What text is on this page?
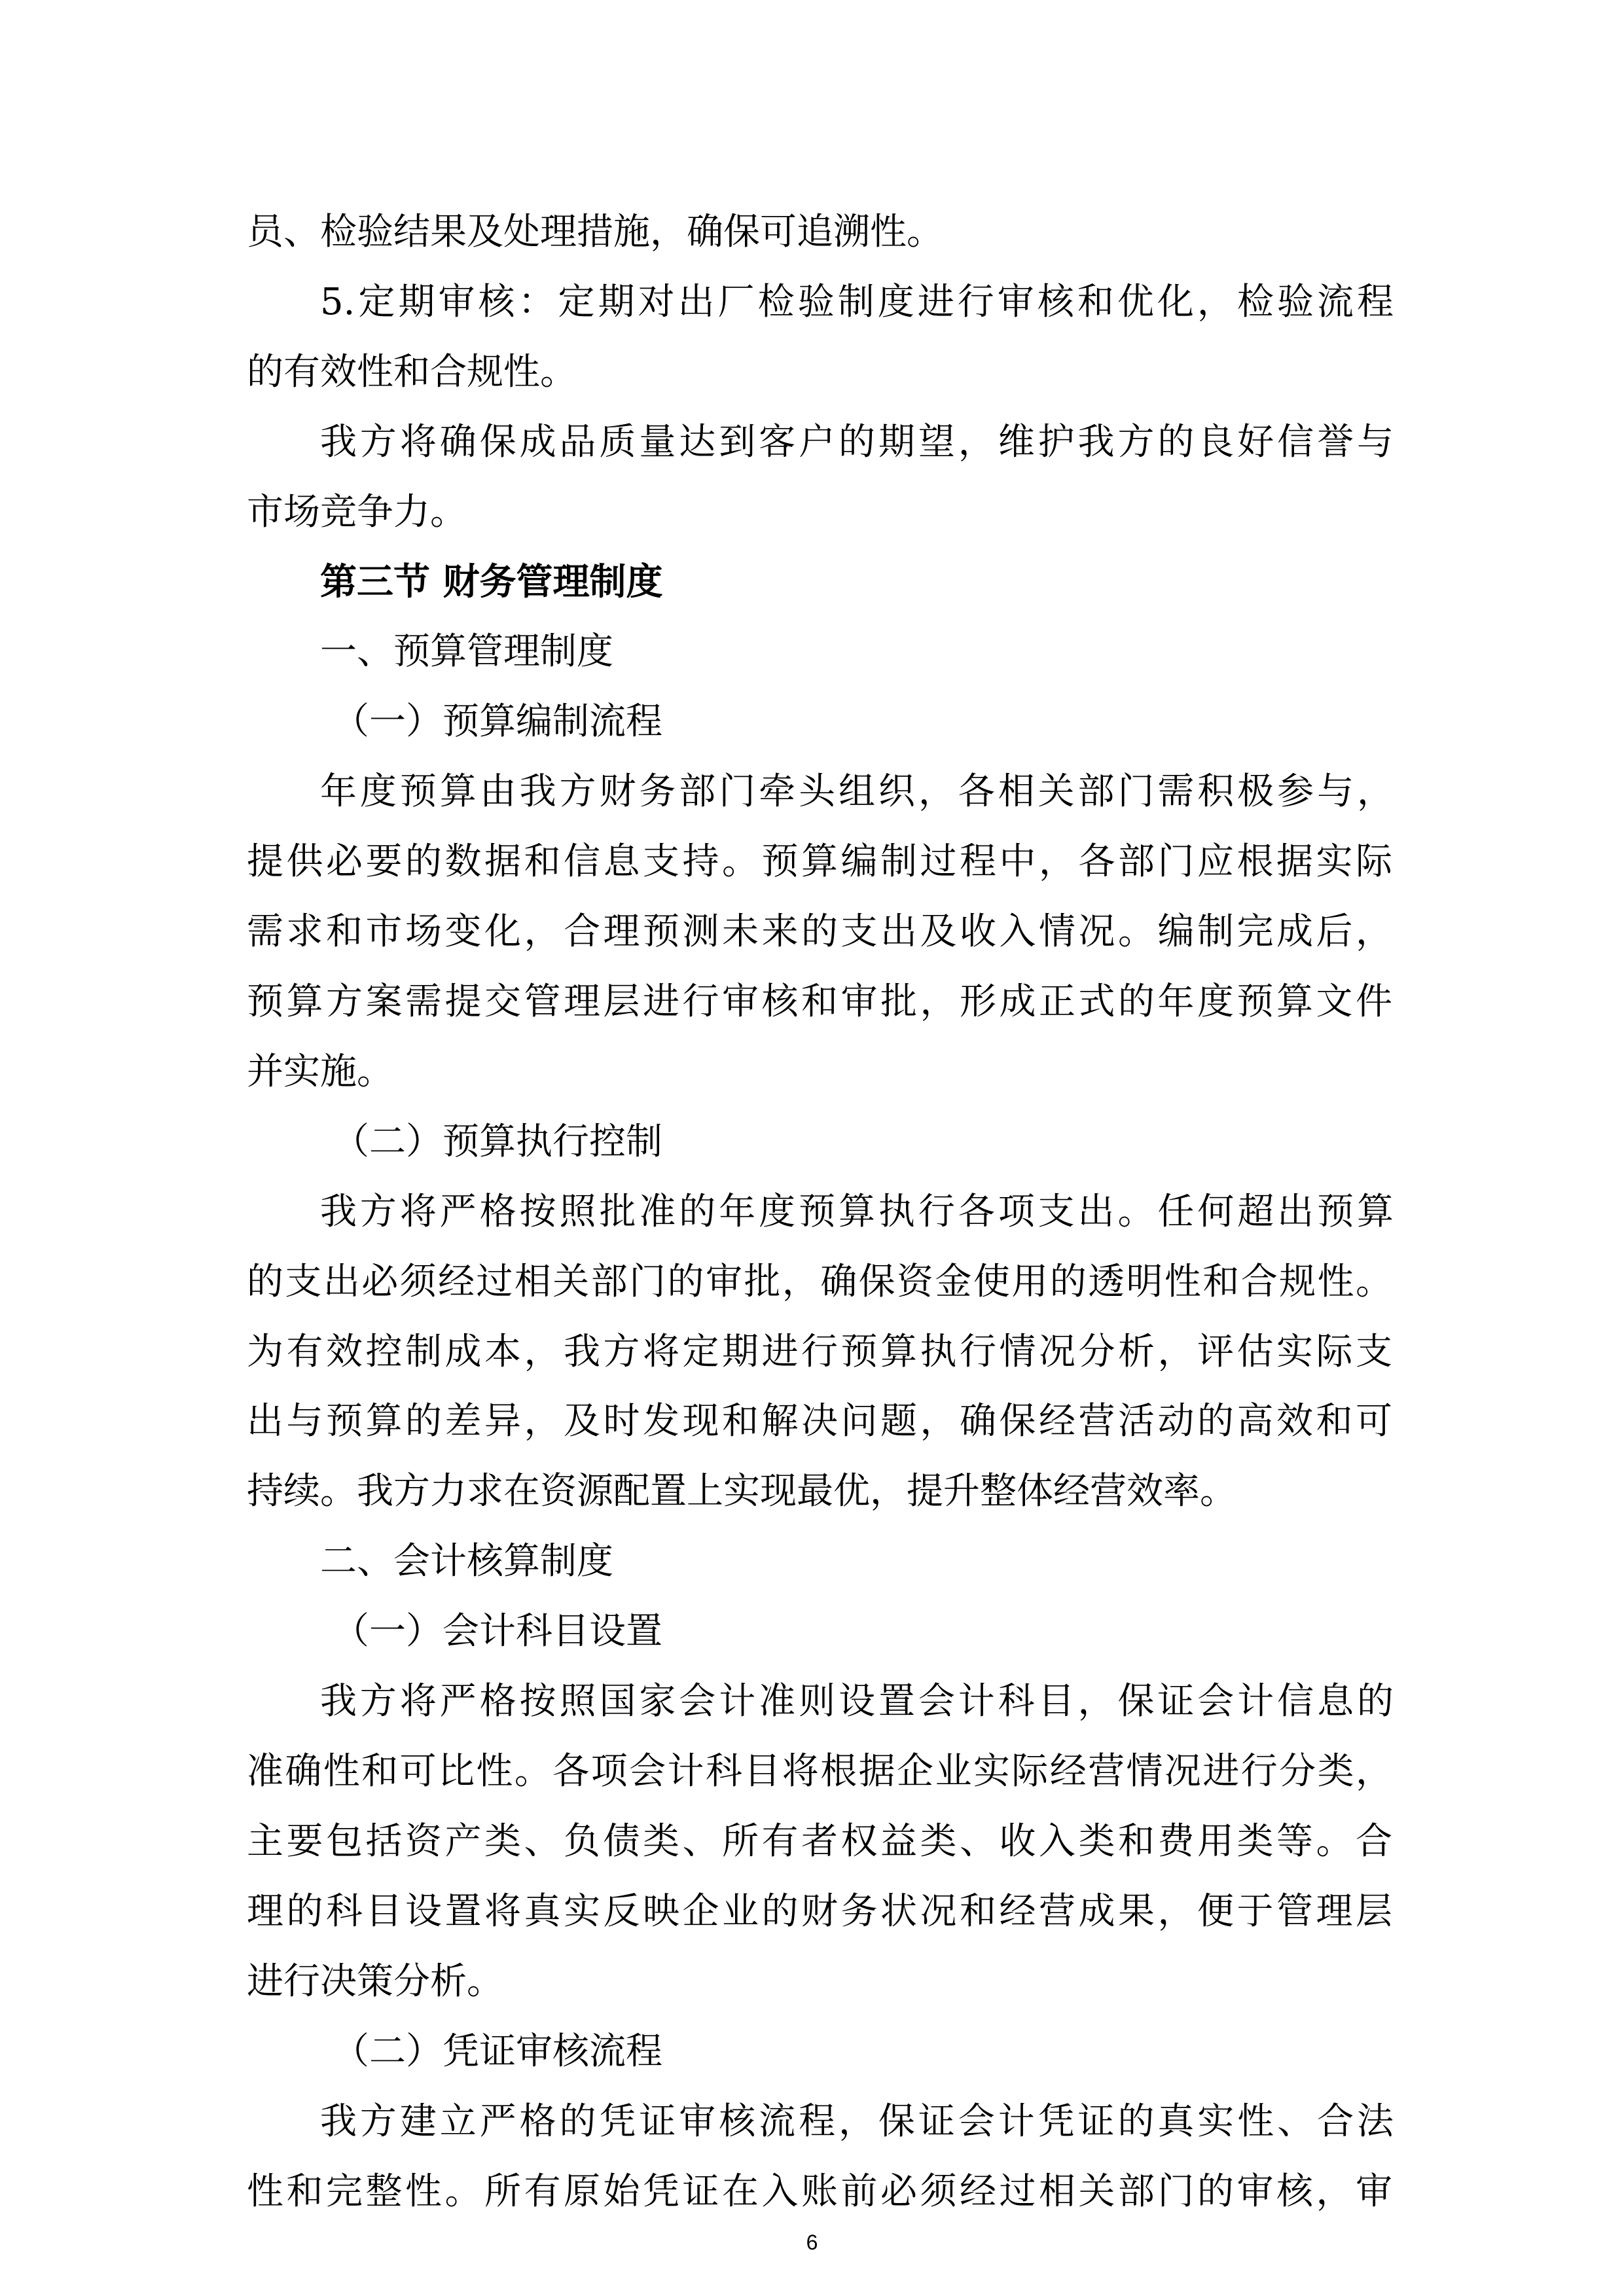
员、检验结果及处理措施，确保可追溯性。
5.定期审核：定期对出厂检验制度进行审核和优化，检验流程
的有效性和合规性。
我方将确保成品质量达到客户的期望，维护我方的良好信誉与
市场竞争力。
第三节 财务管理制度
一、预算管理制度
（一）预算编制流程
年度预算由我方财务部门牵头组织，各相关部门需积极参与，
提供必要的数据和信息支持。预算编制过程中，各部门应根据实际
需求和市场变化，合理预测未来的支出及收入情况。编制完成后，
预算方案需提交管理层进行审核和审批，形成正式的年度预算文件
并实施。
（二）预算执行控制
我方将严格按照批准的年度预算执行各项支出。任何超出预算
的支出必须经过相关部门的审批，确保资金使用的透明性和合规性。
为有效控制成本，我方将定期进行预算执行情况分析，评估实际支
出与预算的差异，及时发现和解决问题，确保经营活动的高效和可
持续。我方力求在资源配置上实现最优，提升整体经营效率。
二、会计核算制度
（一）会计科目设置
我方将严格按照国家会计准则设置会计科目，保证会计信息的
准确性和可比性。各项会计科目将根据企业实际经营情况进行分类，
主要包括资产类、负债类、所有者权益类、收入类和费用类等。合
理的科目设置将真实反映企业的财务状况和经营成果，便于管理层
进行决策分析。
（二）凭证审核流程
我方建立严格的凭证审核流程，保证会计凭证的真实性、合法
性和完整性。所有原始凭证在入账前必须经过相关部门的审核，审
6
